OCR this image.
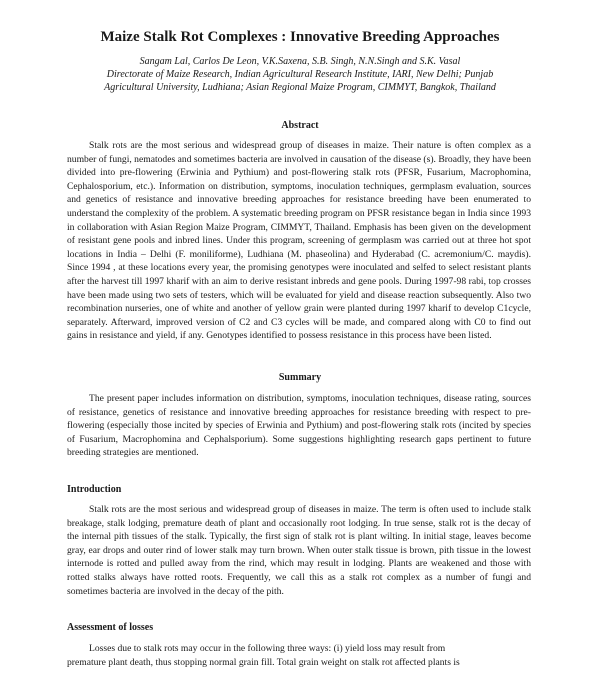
Maize Stalk Rot Complexes : Innovative Breeding Approaches
Sangam Lal, Carlos De Leon, V.K.Saxena, S.B. Singh, N.N.Singh and S.K. Vasal
Directorate of Maize Research, Indian Agricultural Research Institute, IARI, New Delhi; Punjab
Agricultural University, Ludhiana; Asian Regional Maize Program, CIMMYT, Bangkok, Thailand
Abstract
Stalk rots are the most serious and widespread group of diseases in maize. Their nature is often complex as a number of fungi, nematodes and sometimes bacteria are involved in causation of the disease (s). Broadly, they have been divided into pre-flowering (Erwinia and Pythium) and post-flowering stalk rots (PFSR, Fusarium, Macrophomina, Cephalosporium, etc.). Information on distribution, symptoms, inoculation techniques, germplasm evaluation, sources and genetics of resistance and innovative breeding approaches for resistance breeding have been enumerated to understand the complexity of the problem. A systematic breeding program on PFSR resistance began in India since 1993 in collaboration with Asian Region Maize Program, CIMMYT, Thailand. Emphasis has been given on the development of resistant gene pools and inbred lines. Under this program, screening of germplasm was carried out at three hot spot locations in India – Delhi (F. moniliforme), Ludhiana (M. phaseolina) and Hyderabad (C. acremonium/C. maydis). Since 1994 , at these locations every year, the promising genotypes were inoculated and selfed to select resistant plants after the harvest till 1997 kharif with an aim to derive resistant inbreds and gene pools. During 1997-98 rabi, top crosses have been made using two sets of testers, which will be evaluated for yield and disease reaction subsequently. Also two recombination nurseries, one of white and another of yellow grain were planted during 1997 kharif to develop C1cycle, separately. Afterward, improved version of C2 and C3 cycles will be made, and compared along with C0 to find out gains in resistance and yield, if any. Genotypes identified to possess resistance in this process have been listed.
Summary
The present paper includes information on distribution, symptoms, inoculation techniques, disease rating, sources of resistance, genetics of resistance and innovative breeding approaches for resistance breeding with respect to pre-flowering (especially those incited by species of Erwinia and Pythium) and post-flowering stalk rots (incited by species of Fusarium, Macrophomina and Cephalsporium). Some suggestions highlighting research gaps pertinent to future breeding strategies are mentioned.
Introduction
Stalk rots are the most serious and widespread group of diseases in maize. The term is often used to include stalk breakage, stalk lodging, premature death of plant and occasionally root lodging. In true sense, stalk rot is the decay of the internal pith tissues of the stalk. Typically, the first sign of stalk rot is plant wilting. In initial stage, leaves become gray, ear drops and outer rind of lower stalk may turn brown. When outer stalk tissue is brown, pith tissue in the lowest internode is rotted and pulled away from the rind, which may result in lodging. Plants are weakened and those with rotted stalks always have rotted roots. Frequently, we call this as a stalk rot complex as a number of fungi and sometimes bacteria are involved in the decay of the pith.
Assessment of losses
Losses due to stalk rots may occur in the following three ways: (i) yield loss may result from
premature plant death, thus stopping normal grain fill. Total grain weight on stalk rot affected plants is
